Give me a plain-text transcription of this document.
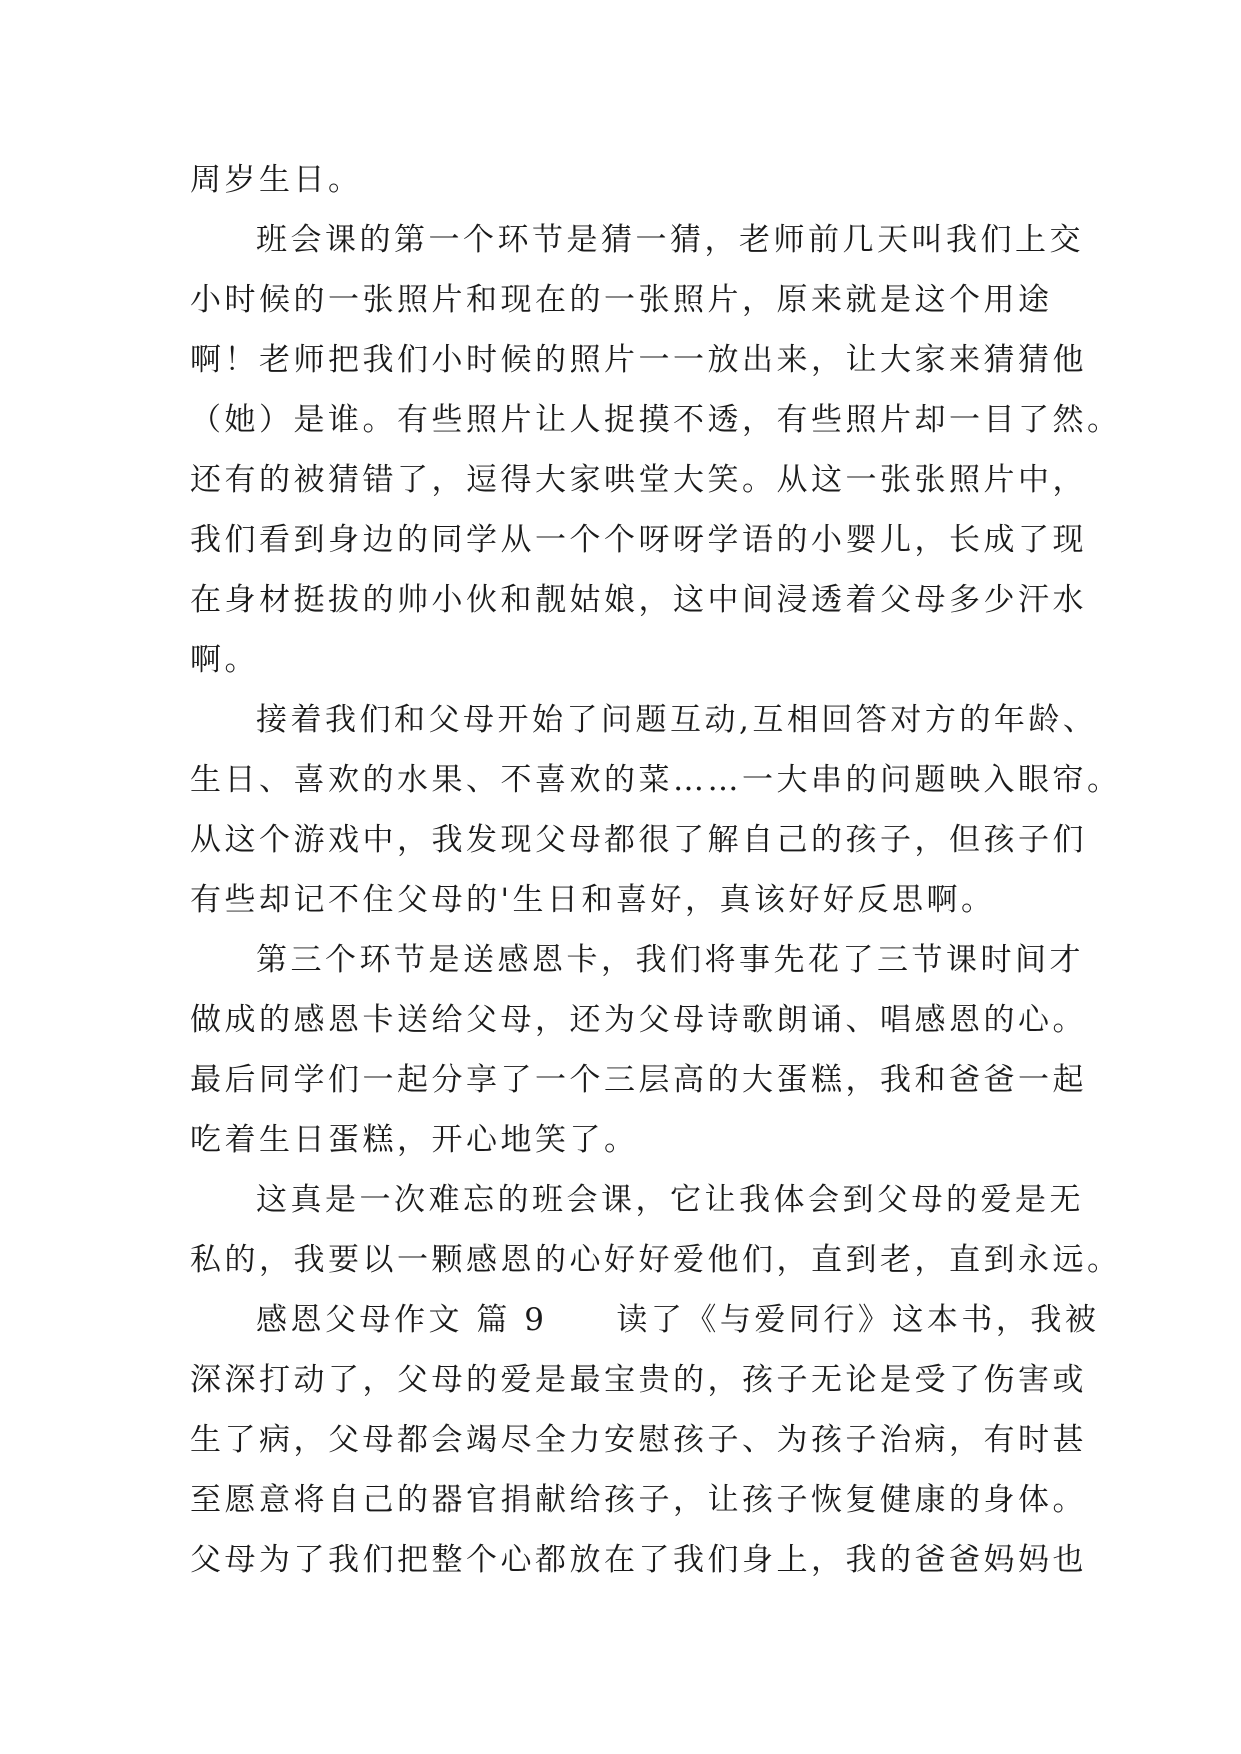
周岁生日。
班会课的第一个环节是猜一猜，老师前几天叫我们上交
小时候的一张照片和现在的一张照片，原来就是这个用途
啊！老师把我们小时候的照片一一放出来，让大家来猜猜他
（她）是谁。有些照片让人捉摸不透，有些照片却一目了然。
还有的被猜错了，逗得大家哄堂大笑。从这一张张照片中，
我们看到身边的同学从一个个呀呀学语的小婴儿，长成了现
在身材挺拔的帅小伙和靓姑娘，这中间浸透着父母多少汗水
啊。
接着我们和父母开始了问题互动,互相回答对方的年龄、
生日、喜欢的水果、不喜欢的菜……一大串的问题映入眼帘。
从这个游戏中，我发现父母都很了解自己的孩子，但孩子们
有些却记不住父母的'生日和喜好，真该好好反思啊。
第三个环节是送感恩卡，我们将事先花了三节课时间才
做成的感恩卡送给父母，还为父母诗歌朗诵、唱感恩的心。
最后同学们一起分享了一个三层高的大蛋糕，我和爸爸一起
吃着生日蛋糕，开心地笑了。
这真是一次难忘的班会课，它让我体会到父母的爱是无
私的，我要以一颗感恩的心好好爱他们，直到老，直到永远。
感恩父母作文 篇 9　　读了《与爱同行》这本书，我被
深深打动了，父母的爱是最宝贵的，孩子无论是受了伤害或
生了病，父母都会竭尽全力安慰孩子、为孩子治病，有时甚
至愿意将自己的器官捐献给孩子，让孩子恢复健康的身体。
父母为了我们把整个心都放在了我们身上，我的爸爸妈妈也
